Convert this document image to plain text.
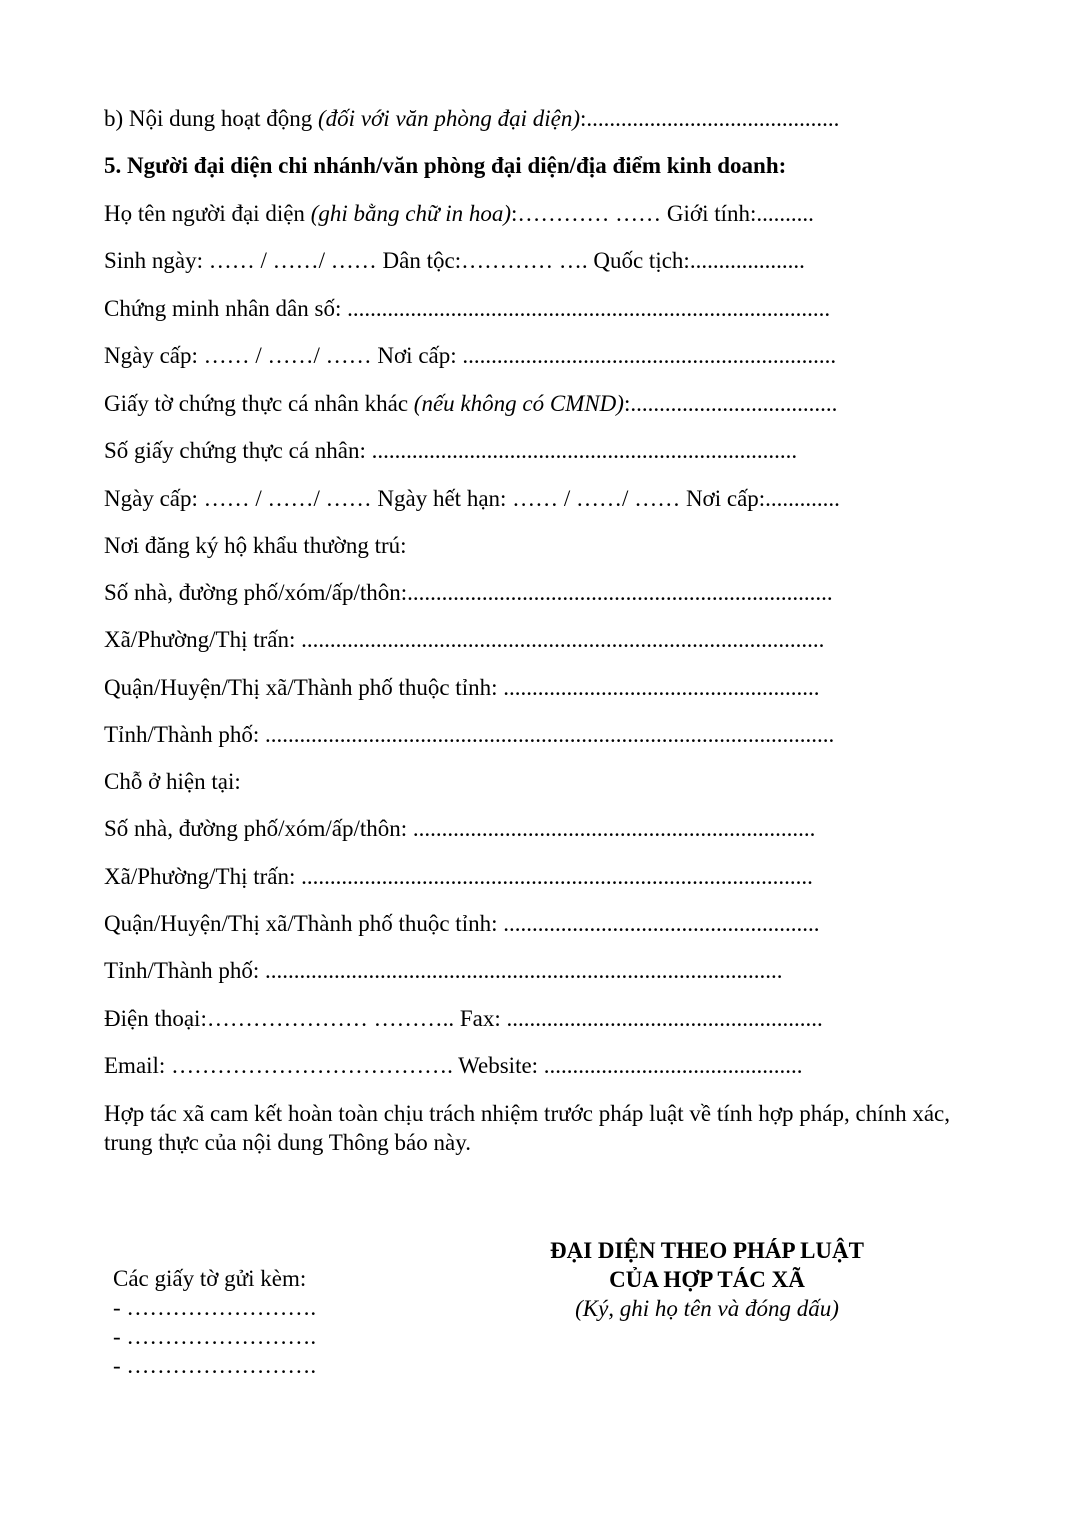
b) Nội dung hoạt động (đối với văn phòng đại diện):............................................
5. Người đại diện chi nhánh/văn phòng đại diện/địa điểm kinh doanh:
Họ tên người đại diện (ghi bằng chữ in hoa):………… …… Giới tính:..........
Sinh ngày: …… / ……/ …… Dân tộc:………… …. Quốc tịch:....................
Chứng minh nhân dân số: ....................................................................................
Ngày cấp: …… / ……/ …… Nơi cấp: .................................................................
Giấy tờ chứng thực cá nhân khác (nếu không có CMND):....................................
Số giấy chứng thực cá nhân: ..........................................................................
Ngày cấp: …… / ……/ …… Ngày hết hạn: …… / ……/ …… Nơi cấp:.............
Nơi đăng ký hộ khẩu thường trú:
Số nhà, đường phố/xóm/ấp/thôn:..........................................................................
Xã/Phường/Thị trấn: ...........................................................................................
Quận/Huyện/Thị xã/Thành phố thuộc tỉnh: .......................................................
Tỉnh/Thành phố: ...................................................................................................
Chỗ ở hiện tại:
Số nhà, đường phố/xóm/ấp/thôn: ......................................................................
Xã/Phường/Thị trấn: .........................................................................................
Quận/Huyện/Thị xã/Thành phố thuộc tỉnh: .......................................................
Tỉnh/Thành phố: ..........................................................................................
Điện thoại:………………… ……….. Fax: .......................................................
Email: ………………………………. Website: .............................................
Hợp tác xã cam kết hoàn toàn chịu trách nhiệm trước pháp luật về tính hợp pháp, chính xác, trung thực của nội dung Thông báo này.
Các giấy tờ gửi kèm:
- …………………….
- …………………….
- …………………….
ĐẠI DIỆN THEO PHÁP LUẬT
CỦA HỢP TÁC XÃ
(Ký, ghi họ tên và đóng dấu)
